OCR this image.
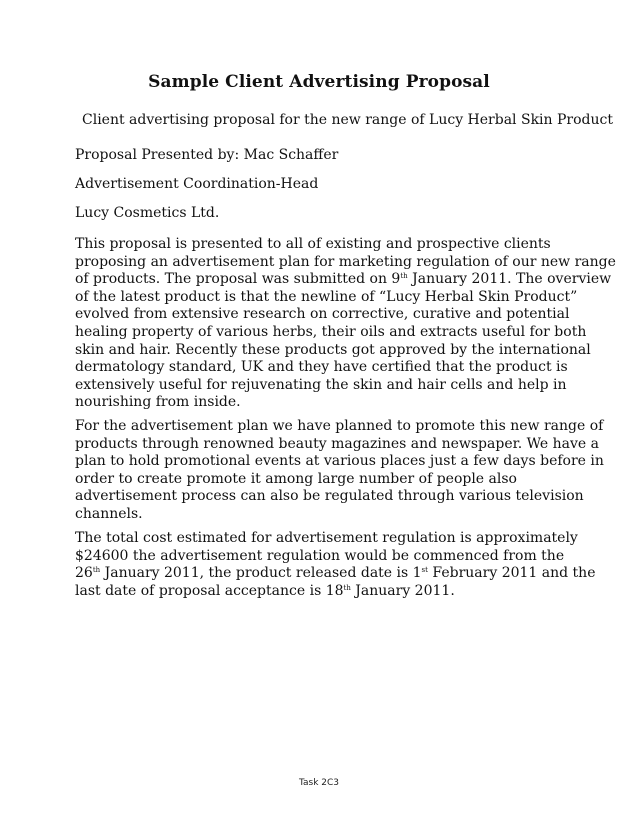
Sample Client Advertising Proposal
Client advertising proposal for the new range of Lucy Herbal Skin Product
Proposal Presented by: Mac Schaffer
Advertisement Coordination-Head
Lucy Cosmetics Ltd.
This proposal is presented to all of existing and prospective clients
proposing an advertisement plan for marketing regulation of our new range
of products. The proposal was submitted on 9th January 2011. The overview
of the latest product is that the newline of “Lucy Herbal Skin Product”
evolved from extensive research on corrective, curative and potential
healing property of various herbs, their oils and extracts useful for both
skin and hair. Recently these products got approved by the international
dermatology standard, UK and they have certified that the product is
extensively useful for rejuvenating the skin and hair cells and help in
nourishing from inside.
For the advertisement plan we have planned to promote this new range of
products through renowned beauty magazines and newspaper. We have a
plan to hold promotional events at various places just a few days before in
order to create promote it among large number of people also
advertisement process can also be regulated through various television
channels.
The total cost estimated for advertisement regulation is approximately
$24600 the advertisement regulation would be commenced from the
26th January 2011, the product released date is 1st February 2011 and the
last date of proposal acceptance is 18th January 2011.
Task 2C3
